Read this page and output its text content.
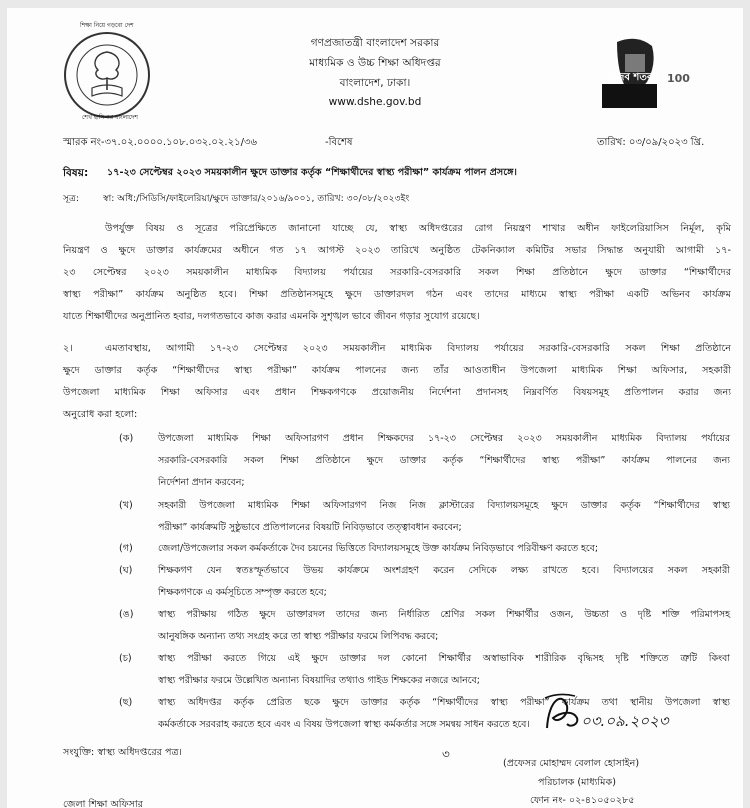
শিক্ষা নিয়ে গড়বো দেশ
শেখ হাসিনার বাংলাদেশ
গণপ্রজাতন্ত্রী বাংলাদেশ সরকার
মাধ্যমিক ও উচ্চ শিক্ষা অধিদপ্তর
বাংলাদেশ, ঢাকা।
www.dshe.gov.bd
মুজিব শতবর্ষ 100
স্মারক নং-৩৭.০২.০০০০.১০৮.০৩২.০২.২১/৩৬	-বিশেষ	তারিখ: ০৩/০৯/২০২৩ খ্রি.
বিষয়: ১৭-২৩ সেপ্টেম্বর ২০২৩ সময়কালীন ক্ষুদে ডাক্তার কর্তৃক “শিক্ষার্থীদের স্বাস্থ্য পরীক্ষা” কার্যক্রম পালন প্রসঙ্গে।
সূত্র:	স্বা: অধি:/সিডিসি/ফাইলেরিয়া/ক্ষুদে ডাক্তার/২০১৬/৯০০১, তারিখ: ৩০/০৮/২০২৩ইং
উপর্যুক্ত বিষয় ও সূত্রের পরিপ্রেক্ষিতে জানানো যাচ্ছে যে, স্বাস্থ্য অধিদপ্তরের রোগ নিয়ন্ত্রণ শাখার অধীন ফাইলেরিয়াসিস নির্মূল, কৃমি
নিয়ন্ত্রণ ও ক্ষুদে ডাক্তার কার্যক্রমের অধীনে গত ১৭ আগস্ট ২০২৩ তারিখে অনুষ্ঠিত টেকনিক্যাল কমিটির সভার সিদ্ধান্ত অনুযায়ী আগামী ১৭-
২৩ সেপ্টেম্বর ২০২৩ সময়কালীন মাধ্যমিক বিদ্যালয় পর্যায়ের সরকারি-বেসরকারি সকল শিক্ষা প্রতিষ্ঠানে ক্ষুদে ডাক্তার “শিক্ষার্থীদের
স্বাস্থ্য পরীক্ষা” কার্যক্রম অনুষ্ঠিত হবে। শিক্ষা প্রতিষ্ঠানসমূহে ক্ষুদে ডাক্তারদল গঠন এবং তাদের মাধ্যমে স্বাস্থ্য পরীক্ষা একটি অভিনব কার্যক্রম
যাতে শিক্ষার্থীদের অনুপ্রানিত হবার, দলগতভাবে কাজ করার এমনকি সুশৃঙ্খল ভাবে জীবন গড়ার সুযোগ রয়েছে।
২।	এমতাবস্থায়, আগামী ১৭-২৩ সেপ্টেম্বর ২০২৩ সময়কালীন মাধ্যমিক বিদ্যালয় পর্যায়ের সরকারি-বেসরকারি সকল শিক্ষা প্রতিষ্ঠানে
ক্ষুদে ডাক্তার কর্তৃক “শিক্ষার্থীদের স্বাস্থ্য পরীক্ষা” কার্যক্রম পালনের জন্য তাঁর আওতাধীন উপজেলা মাধ্যমিক শিক্ষা অফিসার, সহকারী
উপজেলা মাধ্যমিক শিক্ষা অফিসার এবং প্রধান শিক্ষকগণকে প্রয়োজনীয় নির্দেশনা প্রদানসহ নিম্নবর্ণিত বিষয়সমূহ প্রতিপালন করার জন্য
অনুরোধ করা হলো:
(ক)	উপজেলা মাধ্যমিক শিক্ষা অফিসারগণ প্রধান শিক্ষকদের ১৭-২৩ সেপ্টেম্বর ২০২৩ সময়কালীন মাধ্যমিক বিদ্যালয় পর্যায়ের
সরকারি-বেসরকারি সকল শিক্ষা প্রতিষ্ঠানে ক্ষুদে ডাক্তার কর্তৃক “শিক্ষার্থীদের স্বাস্থ্য পরীক্ষা” কার্যক্রম পালনের জন্য
নির্দেশনা প্রদান করবেন;
(খ)	সহকারী উপজেলা মাধ্যমিক শিক্ষা অফিসারগণ নিজ নিজ ক্লাস্টারের বিদ্যালয়সমূহে ক্ষুদে ডাক্তার কর্তৃক “শিক্ষার্থীদের স্বাস্থ্য
পরীক্ষা” কার্যক্রমটি সুষ্ঠুভাবে প্রতিপালনের বিষয়টি নিবিড়ভাবে তত্ত্বাবধান করবেন;
(গ)	জেলা/উপজেলার সকল কর্মকর্তাকে দৈব চয়নের ভিত্তিতে বিদ্যালয়সমূহে উক্ত কার্যক্রম নিবিড়ভাবে পরিবীক্ষণ করতে হবে;
(ঘ)	শিক্ষকগণ যেন স্বতঃস্ফূর্তভাবে উভয় কার্যক্রমে অংশগ্রহণ করেন সেদিকে লক্ষ্য রাখতে হবে। বিদ্যালয়ের সকল সহকারী
শিক্ষকগণকে এ কর্মসূচিতে সম্পৃক্ত করতে হবে;
(ঙ)	স্বাস্থ্য পরীক্ষায় গঠিত ক্ষুদে ডাক্তারদল তাদের জন্য নির্ধারিত শ্রেণির সকল শিক্ষার্থীর ওজন, উচ্চতা ও দৃষ্টি শক্তি পরিমাপসহ
আনুষঙ্গিক অন্যান্য তথ্য সংগ্রহ করে তা স্বাস্থ্য পরীক্ষার ফরমে লিপিবদ্ধ করবে;
(চ)	স্বাস্থ্য পরীক্ষা করতে গিয়ে এই ক্ষুদে ডাক্তার দল কোনো শিক্ষার্থীর অস্বাভাবিক শারীরিক বৃদ্ধিসহ দৃষ্টি শক্তিতে ত্রুটি কিংবা
স্বাস্থ্য পরীক্ষার ফরমে উল্লেখিত অন্যান্য বিষয়াদির তথ্যাও গাইড শিক্ষকের নজরে আনবে;
(ছ)	স্বাস্থ্য অধিদপ্তর কর্তৃক প্রেরিত ছকে ক্ষুদে ডাক্তার কর্তৃক “শিক্ষার্থীদের স্বাস্থ্য পরীক্ষা” কার্যক্রম তথা স্থানীয় উপজেলা স্বাস্থ্য
কর্মকর্তাকে সরবরাহ করতে হবে এবং এ বিষয় উপজেলা স্বাস্থ্য কর্মকর্তার সঙ্গে সমন্বয় সাধন করতে হবে।
সংযুক্তি: স্বাস্থ্য অধিদপ্তরের পত্র।
০৩.০৯.২০২৩
৩
(প্রফেসর মোহাম্মদ বেলাল হোসাইন)
পরিচালক (মাধ্যমিক)
ফোন নং- ০২-৪১০৫০২৮৫
জেলা শিক্ষা অফিসার
